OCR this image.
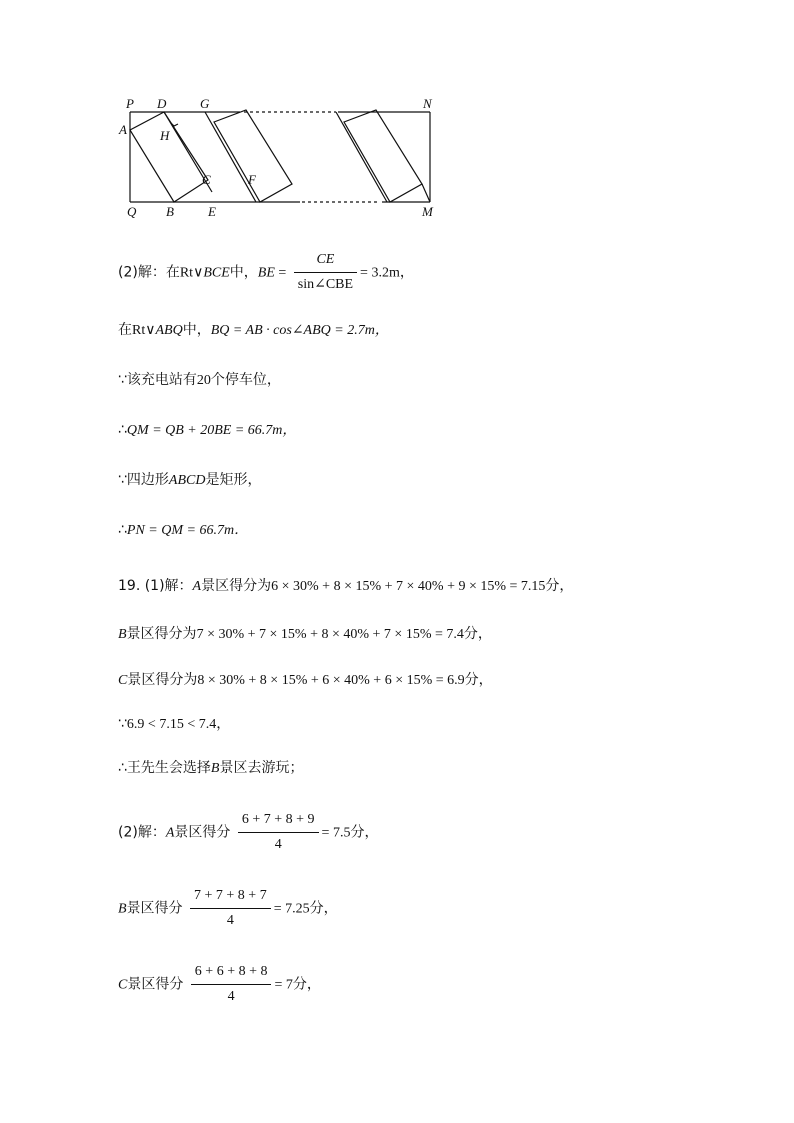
P D	G	N
A	H
C	F
Q B	E	M
(2)解：在Rt∨BCE中，BE = $\frac{CE}{\text{sin∠CBE}} = 3.2m$，
在Rt∨ABQ中，BQ = AB · cos∠ABQ = 2.7m，
∵该充电站有20个停车位，
∴QM = QB + 20BE = 66.7m，
∵四边形ABCD是矩形，
∴PN = QM = 66.7m．
19. (1)解：A景区得分为6 × 30% + 8 × 15% + 7 × 40% + 9 × 15% = 7.15分，
B景区得分为7 × 30% + 7 × 15% + 8 × 40% + 7 × 15% = 7.4分，
C景区得分为8 × 30% + 8 × 15% + 6 × 40% + 6 × 15% = 6.9分，
∵6.9 < 7.15 < 7.4，
∴王先生会选择B景区去游玩；
(2)解：A景区得分 $\frac{6 + 7 + 8 + 9}{4} = 7.5$分，
B景区得分 $\frac{7 + 7 + 8 + 7}{4} = 7.25$分，
C景区得分 $\frac{6 + 6 + 8 + 8}{4} = 7$分，
